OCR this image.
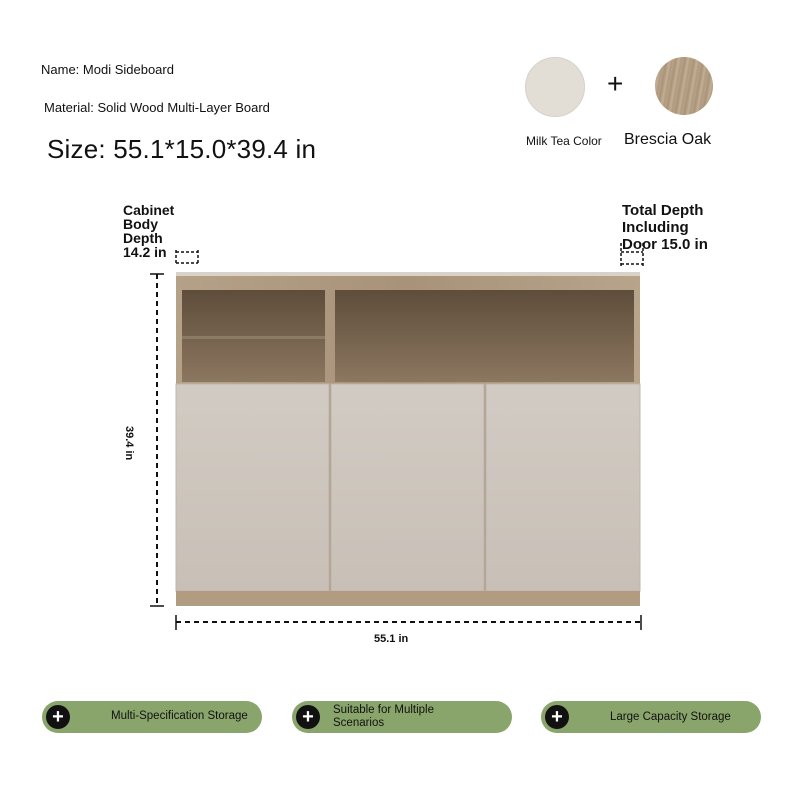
Name: Modi Sideboard
Material: Solid Wood Multi-Layer Board
Size: 55.1*15.0*39.4 in
+
Milk Tea Color Brescia Oak
Cabinet
Body
Depth
14.2 in
Total Depth
Including
Door 15.0 in
39.4 in
55.1 in
+	Multi-Specification Storage	+	Suitable for Multiple
Scenarios	+	Large Capacity Storage
